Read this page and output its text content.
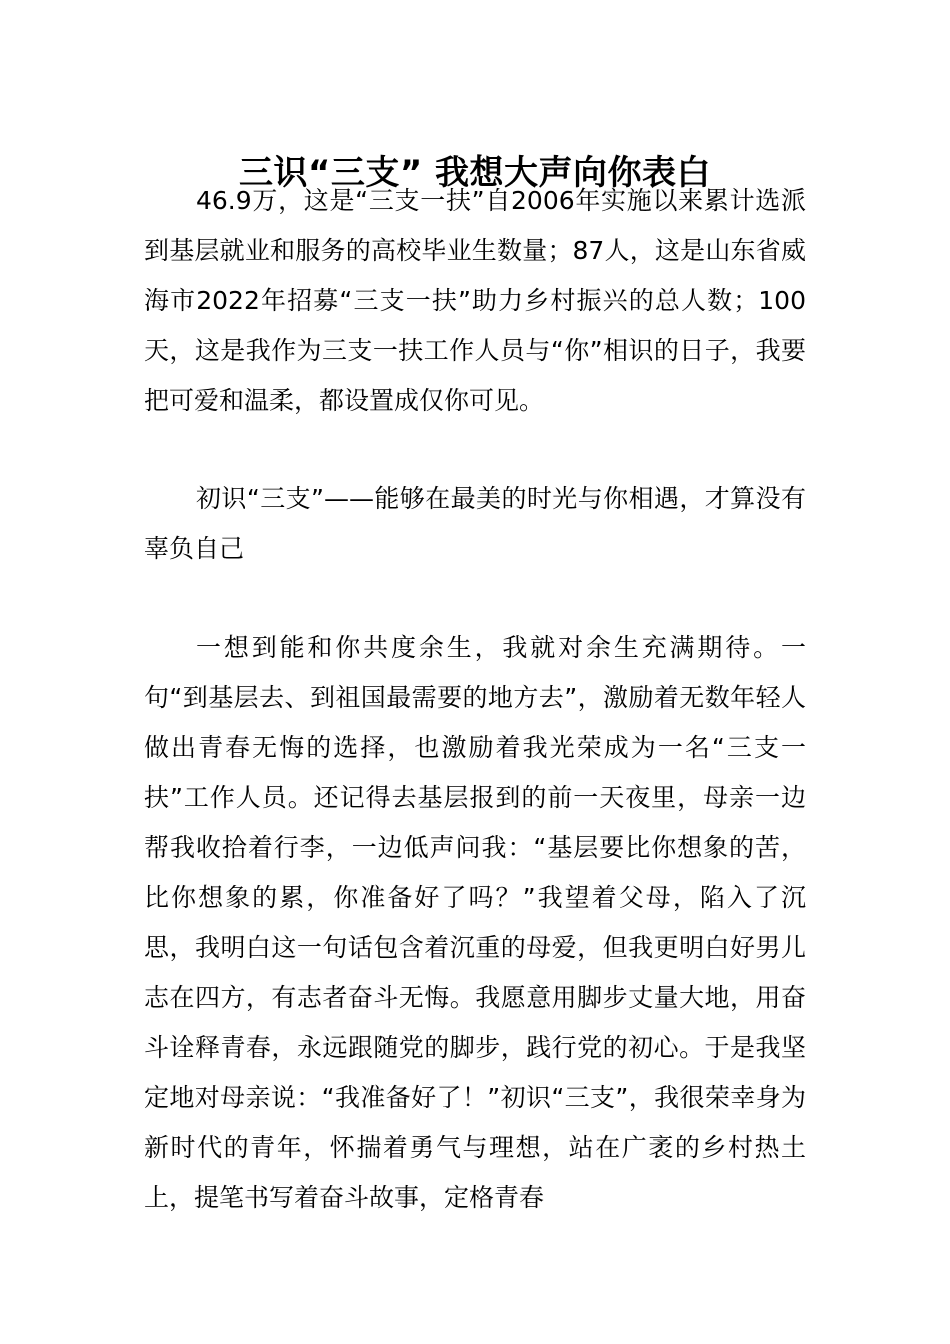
三识“三支” 我想大声向你表白

46.9万，这是“三支一扶”自2006年实施以来累计选派到基层就业和服务的高校毕业生数量；87人，这是山东省威海市2022年招募“三支一扶”助力乡村振兴的总人数；100天，这是我作为三支一扶工作人员与“你”相识的日子，我要把可爱和温柔，都设置成仅你可见。

初识“三支”——能够在最美的时光与你相遇，才算没有辜负自己

一想到能和你共度余生，我就对余生充满期待。一句“到基层去、到祖国最需要的地方去”，激励着无数年轻人做出青春无悔的选择，也激励着我光荣成为一名“三支一扶”工作人员。还记得去基层报到的前一天夜里，母亲一边帮我收拾着行李，一边低声问我：“基层要比你想象的苦，比你想象的累，你准备好了吗？”我望着父母，陷入了沉思，我明白这一句话包含着沉重的母爱，但我更明白好男儿志在四方，有志者奋斗无悔。我愿意用脚步丈量大地，用奋斗诠释青春，永远跟随党的脚步，践行党的初心。于是我坚定地对母亲说：“我准备好了！”初识“三支”，我很荣幸身为新时代的青年，怀揣着勇气与理想，站在广袤的乡村热土上，提笔书写着奋斗故事，定格青春
